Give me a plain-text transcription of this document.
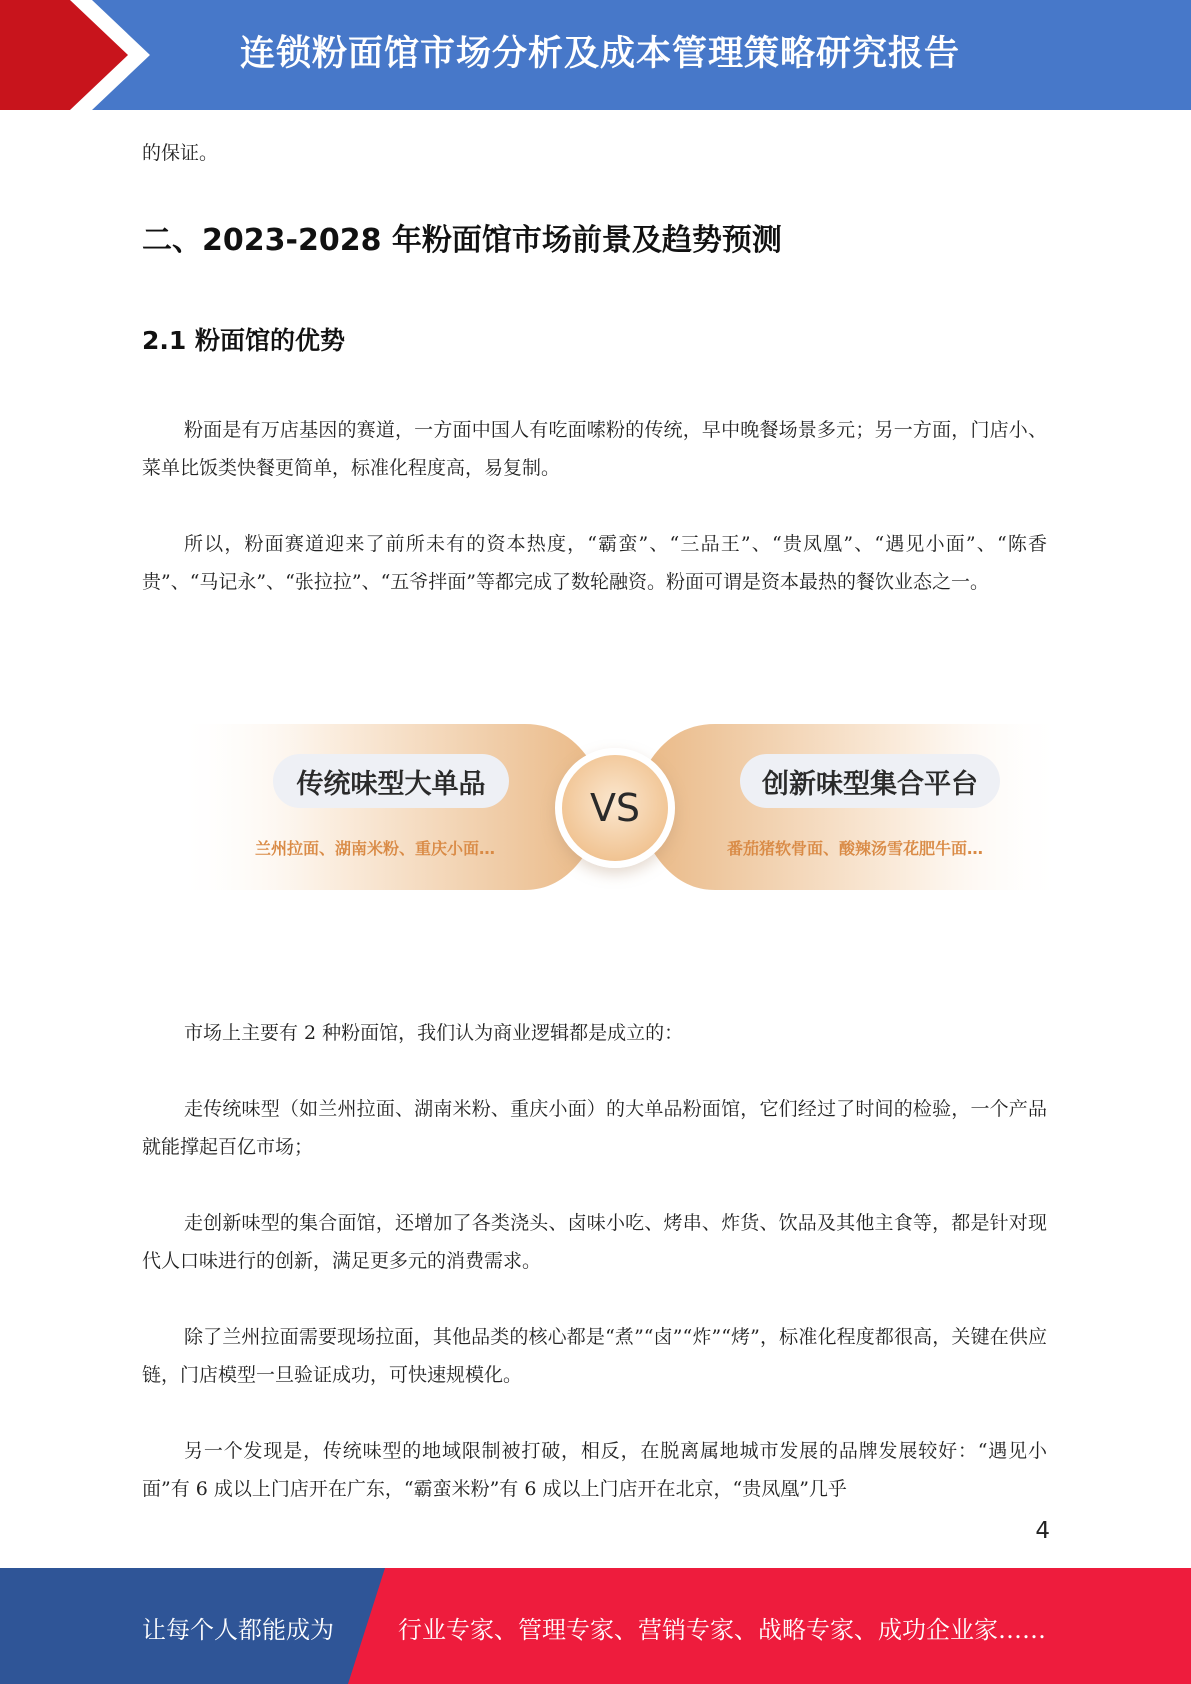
连锁粉面馆市场分析及成本管理策略研究报告

的保证。

二、2023-2028 年粉面馆市场前景及趋势预测
2.1 粉面馆的优势

粉面是有万店基因的赛道，一方面中国人有吃面嗦粉的传统，早中晚餐场景多元；另一方面，门店小、菜单比饭类快餐更简单，标准化程度高，易复制。

所以，粉面赛道迎来了前所未有的资本热度，“霸蛮”、“三品王”、“贵凤凰”、“遇见小面”、“陈香贵”、“马记永”、“张拉拉”、“五爷拌面”等都完成了数轮融资。粉面可谓是资本最热的餐饮业态之一。

传统味型大单品
兰州拉面、湖南米粉、重庆小面…
VS
创新味型集合平台
番茄猪软骨面、酸辣汤雪花肥牛面…

市场上主要有 2 种粉面馆，我们认为商业逻辑都是成立的：

走传统味型（如兰州拉面、湖南米粉、重庆小面）的大单品粉面馆，它们经过了时间的检验，一个产品就能撑起百亿市场；

走创新味型的集合面馆，还增加了各类浇头、卤味小吃、烤串、炸货、饮品及其他主食等，都是针对现代人口味进行的创新，满足更多元的消费需求。

除了兰州拉面需要现场拉面，其他品类的核心都是“煮”“卤”“炸”“烤”，标准化程度都很高，关键在供应链，门店模型一旦验证成功，可快速规模化。

另一个发现是，传统味型的地域限制被打破，相反，在脱离属地城市发展的品牌发展较好：“遇见小面”有 6 成以上门店开在广东，“霸蛮米粉”有 6 成以上门店开在北京，“贵凤凰”几乎

4
让每个人都能成为	行业专家、管理专家、营销专家、战略专家、成功企业家……
